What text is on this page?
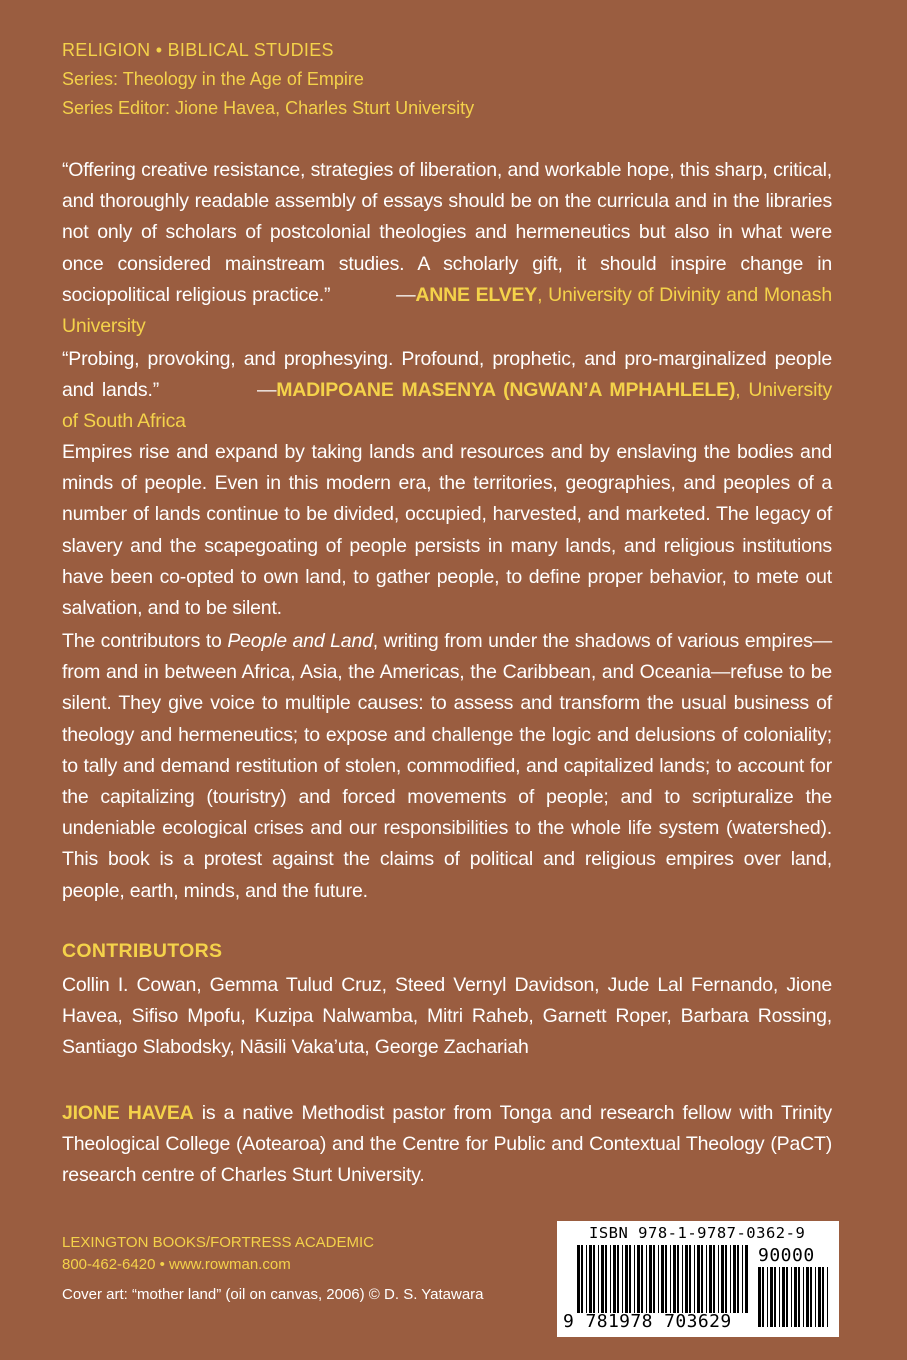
RELIGION • BIBLICAL STUDIES
Series: Theology in the Age of Empire
Series Editor: Jione Havea, Charles Sturt University
“Offering creative resistance, strategies of liberation, and workable hope, this sharp, critical, and thoroughly readable assembly of essays should be on the curricula and in the libraries not only of scholars of postcolonial theologies and hermeneutics but also in what were once considered mainstream studies. A scholarly gift, it should inspire change in sociopolitical religious practice.”	—ANNE ELVEY, University of Divinity and Monash University
“Probing, provoking, and prophesying. Profound, prophetic, and pro-marginalized people and lands.”	—MADIPOANE MASENYA (NGWAN’A MPHAHLELE), University of South Africa
Empires rise and expand by taking lands and resources and by enslaving the bodies and minds of people. Even in this modern era, the territories, geographies, and peoples of a number of lands continue to be divided, occupied, harvested, and marketed. The legacy of slavery and the scapegoating of people persists in many lands, and religious institutions have been co-opted to own land, to gather people, to define proper behavior, to mete out salvation, and to be silent.
The contributors to People and Land, writing from under the shadows of various empires—from and in between Africa, Asia, the Americas, the Caribbean, and Oceania—refuse to be silent. They give voice to multiple causes: to assess and transform the usual business of theology and hermeneutics; to expose and challenge the logic and delusions of coloniality; to tally and demand restitution of stolen, commodified, and capitalized lands; to account for the capitalizing (touristry) and forced movements of people; and to scripturalize the undeniable ecological crises and our responsibilities to the whole life system (watershed). This book is a protest against the claims of political and religious empires over land, people, earth, minds, and the future.
CONTRIBUTORS
Collin I. Cowan, Gemma Tulud Cruz, Steed Vernyl Davidson, Jude Lal Fernando, Jione Havea, Sifiso Mpofu, Kuzipa Nalwamba, Mitri Raheb, Garnett Roper, Barbara Rossing, Santiago Slabodsky, Nāsili Vaka’uta, George Zachariah
JIONE HAVEA is a native Methodist pastor from Tonga and research fellow with Trinity Theological College (Aotearoa) and the Centre for Public and Contextual Theology (PaCT) research centre of Charles Sturt University.
LEXINGTON BOOKS/FORTRESS ACADEMIC
800-462-6420 • www.rowman.com
Cover art: “mother land” (oil on canvas, 2006) © D. S. Yatawara
ISBN 978-1-9787-0362-9
90000
9 781978 703629
